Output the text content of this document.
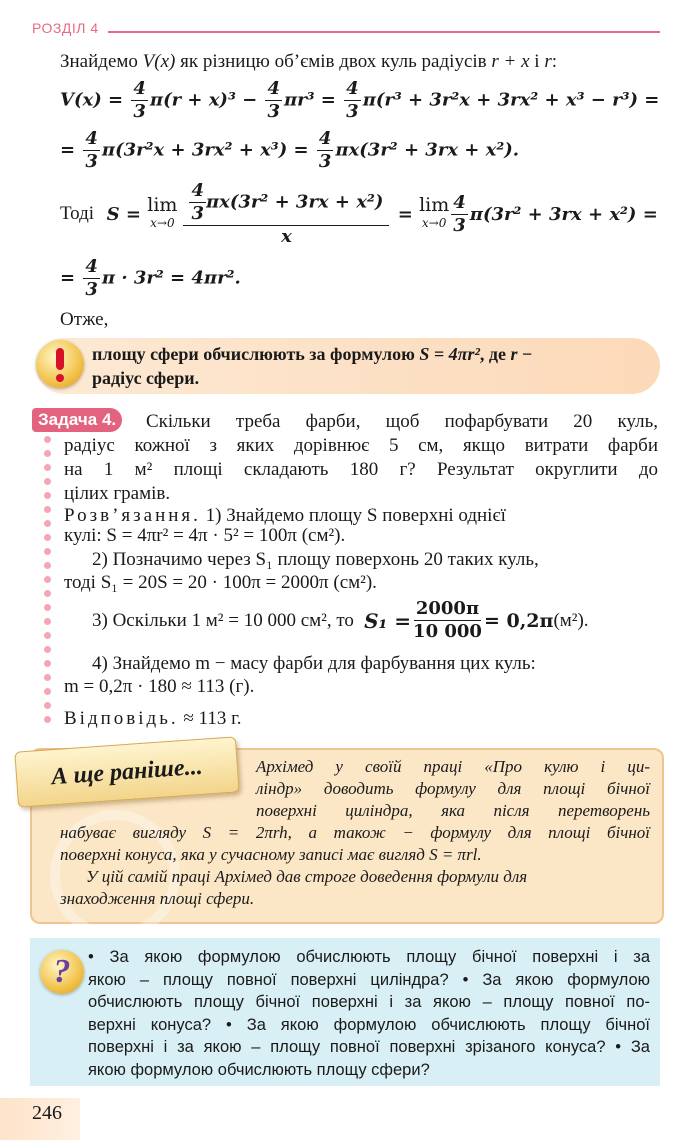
РОЗДІЛ 4
Знайдемо V(x) як різницю об’ємів двох куль радіусів r + x і r:
$V(x) = \frac{4}{3} \pi(r + x)^3 - \frac{4}{3} \pi r^3 = \frac{4}{3} \pi(r^3 + 3r^2x + 3rx^2 + x^3 - r^3)$ =
= $\frac{4}{3} \pi(3r^2x + 3rx^2 + x^3) = \frac{4}{3} \pi x(3r^2 + 3rx + x^2)$.
Тоді
S
=
lim
$x\to 0 \frac{\frac{4}{3} \pi x(3r^2 + 3rx + x^2)}{x}$
=
lim
$x\to 0 \frac{4}{3} \pi(3r^2 + 3rx + x^2)$ =
= $\frac{4}{3}$ π · 3r² = 4πr².
Отже,
площу сфери обчислюють за формулою S = 4πr², де r −
радіус сфери.
Задача 4.	Скільки треба фарби, щоб пофарбувати 20 куль,
радіус кожної з яких дорівнює 5 см, якщо витрати фарби
на 1 м² площі складають 180 г? Результат округлити до
цілих грамів.
Розв’язання. 1) Знайдемо площу S поверхні однієї
кулі: S = 4πr² = 4π · 5² = 100π (см²).
2) Позначимо через S₁ площу поверхонь 20 таких куль,
тоді S₁ = 20S = 20 · 100π = 2000π (см²).
3) Оскільки 1 м² = 10 000 см², то
$S_1 = \frac{2000\pi}{10 000} = 0,2\pi$ (м²).
4) Знайдемо m − масу фарби для фарбування цих куль:
m = 0,2π · 180 ≈ 113 (г).
Відповідь. ≈ 113 г.
А ще раніше...	Архімед у своїй праці «Про кулю і ци-
ліндр» доводить формулу для площі бічної
поверхні циліндра, яка після перетворень
набуває вигляду S = 2πrh, а також − формулу для площі бічної
поверхні конуса, яка у сучасному записі має вигляд S = πrl.
У цій самій праці Архімед дав строге доведення формули для
знаходження площі сфери.
? • За якою формулою обчислюють площу бічної поверхні і за
якою – площу повної поверхні циліндра? • За якою формулою
обчислюють площу бічної поверхні і за якою – площу повної по-
верхні конуса? • За якою формулою обчислюють площу бічної
поверхні і за якою – площу повної поверхні зрізаного конуса? • За
якою формулою обчислюють площу сфери?
246
